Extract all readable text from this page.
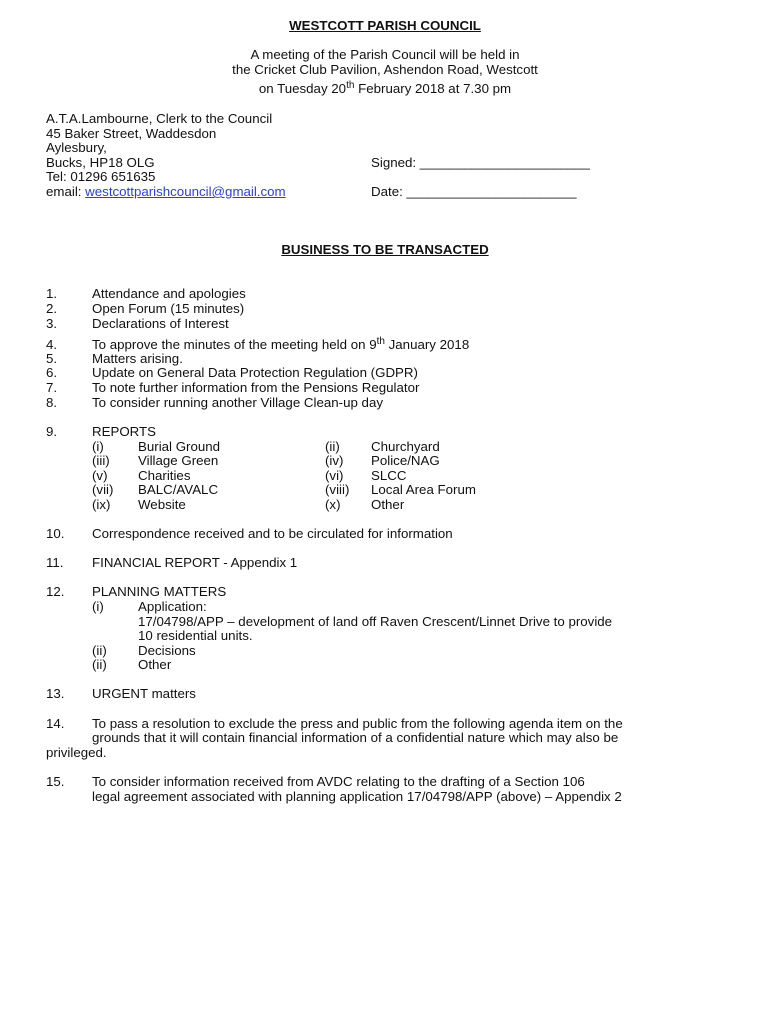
WESTCOTT PARISH COUNCIL
A meeting of the Parish Council will be held in
the Cricket Club Pavilion, Ashendon Road, Westcott
on Tuesday 20th February 2018 at 7.30 pm
A.T.A.Lambourne, Clerk to the Council
45 Baker Street, Waddesdon
Aylesbury,
Bucks, HP18 OLG
Tel: 01296 651635
email: westcottparishcouncil@gmail.com
Signed: _______________________
Date: _______________________
BUSINESS TO BE TRANSACTED
1.	Attendance and apologies
2.	Open Forum (15 minutes)
3.	Declarations of Interest
4.	To approve the minutes of the meeting held on 9th January 2018
5.	Matters arising.
6.	Update on General Data Protection Regulation (GDPR)
7.	To note further information from the Pensions Regulator
8.	To consider running another Village Clean-up day
9.	REPORTS
(i)	Burial Ground	(ii) Churchyard
(iii) Village Green	(iv) Police/NAG
(v) Charities	(vi) SLCC
(vii) BALC/AVALC	(viii) Local Area Forum
(ix) Website	(x) Other
10. Correspondence received and to be circulated for information
11. FINANCIAL REPORT - Appendix 1
12. PLANNING MATTERS
(i)	Application:
17/04798/APP – development of land off Raven Crescent/Linnet Drive to provide
10 residential units.
(ii) Decisions
(ii) Other
13. URGENT matters
14. To pass a resolution to exclude the press and public from the following agenda item on the
grounds that it will contain financial information of a confidential nature which may also be
privileged.
15. To consider information received from AVDC relating to the drafting of a Section 106
legal agreement associated with planning application 17/04798/APP (above) – Appendix 2
